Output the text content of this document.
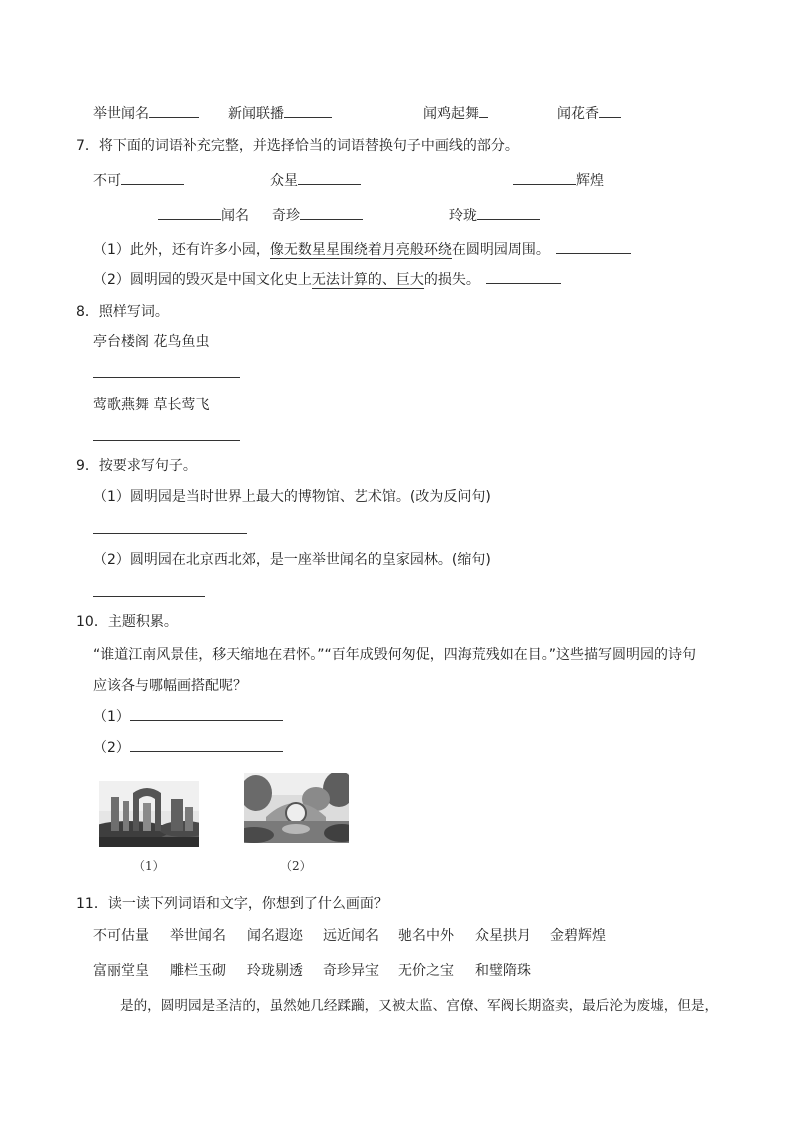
举世闻名	新闻联播	闻鸡起舞	闻花香
7．将下面的词语补充完整，并选择恰当的词语替换句子中画线的部分。
不可	众星	辉煌
闻名 奇珍	玲珑
（1）此外，还有许多小园，像无数星星围绕着月亮般环绕在圆明园周围。
（2）圆明园的毁灭是中国文化史上无法计算的、巨大的损失。
8．照样写词。
亭台楼阁 花鸟鱼虫
莺歌燕舞 草长莺飞
9．按要求写句子。
（1）圆明园是当时世界上最大的博物馆、艺术馆。(改为反问句)
（2）圆明园在北京西北郊，是一座举世闻名的皇家园林。(缩句)
10．主题积累。
“谁道江南风景佳，移天缩地在君怀。”“百年成毁何匆促，四海荒残如在目。”这些描写圆明园的诗句
应该各与哪幅画搭配呢？
（1）
（2）
（1）	（2）
11．读一读下列词语和文字，你想到了什么画面？
不可估量 举世闻名 闻名遐迩 远近闻名 驰名中外 众星拱月 金碧辉煌
富丽堂皇 雕栏玉砌 玲珑剔透 奇珍异宝 无价之宝 和璧隋珠
是的，圆明园是圣洁的，虽然她几经蹂躏，又被太监、宫僚、军阀长期盗卖，最后沦为废墟，但是，
